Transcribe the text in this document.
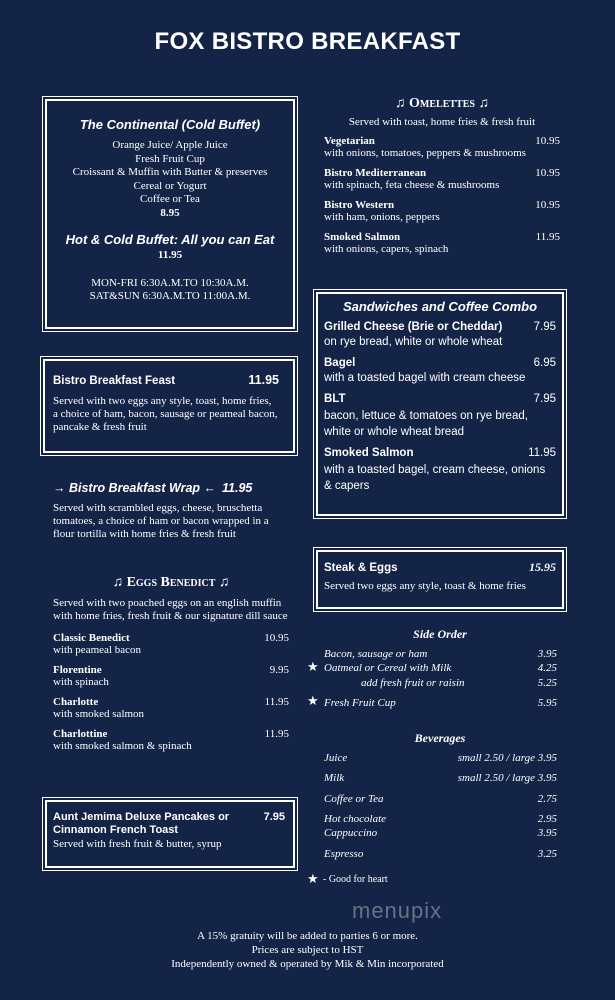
FOX BISTRO BREAKFAST
The Continental (Cold Buffet)
Orange Juice/ Apple Juice
Fresh Fruit Cup
Croissant & Muffin with Butter & preserves
Cereal or Yogurt
Coffee or Tea
8.95
Hot & Cold Buffet: All you can Eat
11.95
MON-FRI 6:30A.M.TO 10:30A.M.
SAT&SUN 6:30A.M.TO 11:00A.M.
Bistro Breakfast Feast	11.95
Served with two eggs any style, toast, home fries, a choice of ham, bacon, sausage or peameal bacon, pancake & fresh fruit
→ Bistro Breakfast Wrap ← 11.95
Served with scrambled eggs, cheese, bruschetta tomatoes, a choice of ham or bacon wrapped in a flour tortilla with home fries & fresh fruit
♫ Eggs Benedict ♫
Served with two poached eggs on an english muffin with home fries, fresh fruit & our signature dill sauce
Classic Benedict	10.95
with peameal bacon
Florentine	9.95
with spinach
Charlotte	11.95
with smoked salmon
Charlottine	11.95
with smoked salmon & spinach
Aunt Jemima Deluxe Pancakes or	7.95
Cinnamon French Toast
Served with fresh fruit & butter, syrup
♫ Omelettes ♫
Served with toast, home fries & fresh fruit
Vegetarian	10.95
with onions, tomatoes, peppers & mushrooms
Bistro Mediterranean	10.95
with spinach, feta cheese & mushrooms
Bistro Western	10.95
with ham, onions, peppers
Smoked Salmon	11.95
with onions, capers, spinach
Sandwiches and Coffee Combo
Grilled Cheese (Brie or Cheddar)	7.95
on rye bread, white or whole wheat
Bagel	6.95
with a toasted bagel with cream cheese
BLT	7.95
bacon, lettuce & tomatoes on rye bread, white or whole wheat bread
Smoked Salmon	11.95
with a toasted bagel, cream cheese, onions & capers
Steak & Eggs	15.95
Served two eggs any style, toast & home fries
Side Order
Bacon, sausage or ham	3.95
★ Oatmeal or Cereal with Milk	4.25
add fresh fruit or raisin	5.25
★ Fresh Fruit Cup	5.95
Beverages
Juice	small 2.50 / large 3.95
Milk	small 2.50 / large 3.95
Coffee or Tea	2.75
Hot chocolate	2.95
Cappuccino	3.95
Espresso	3.25
★ - Good for heart
menupix
A 15% gratuity will be added to parties 6 or more.
Prices are subject to HST
Independently owned & operated by Mik & Min incorporated
